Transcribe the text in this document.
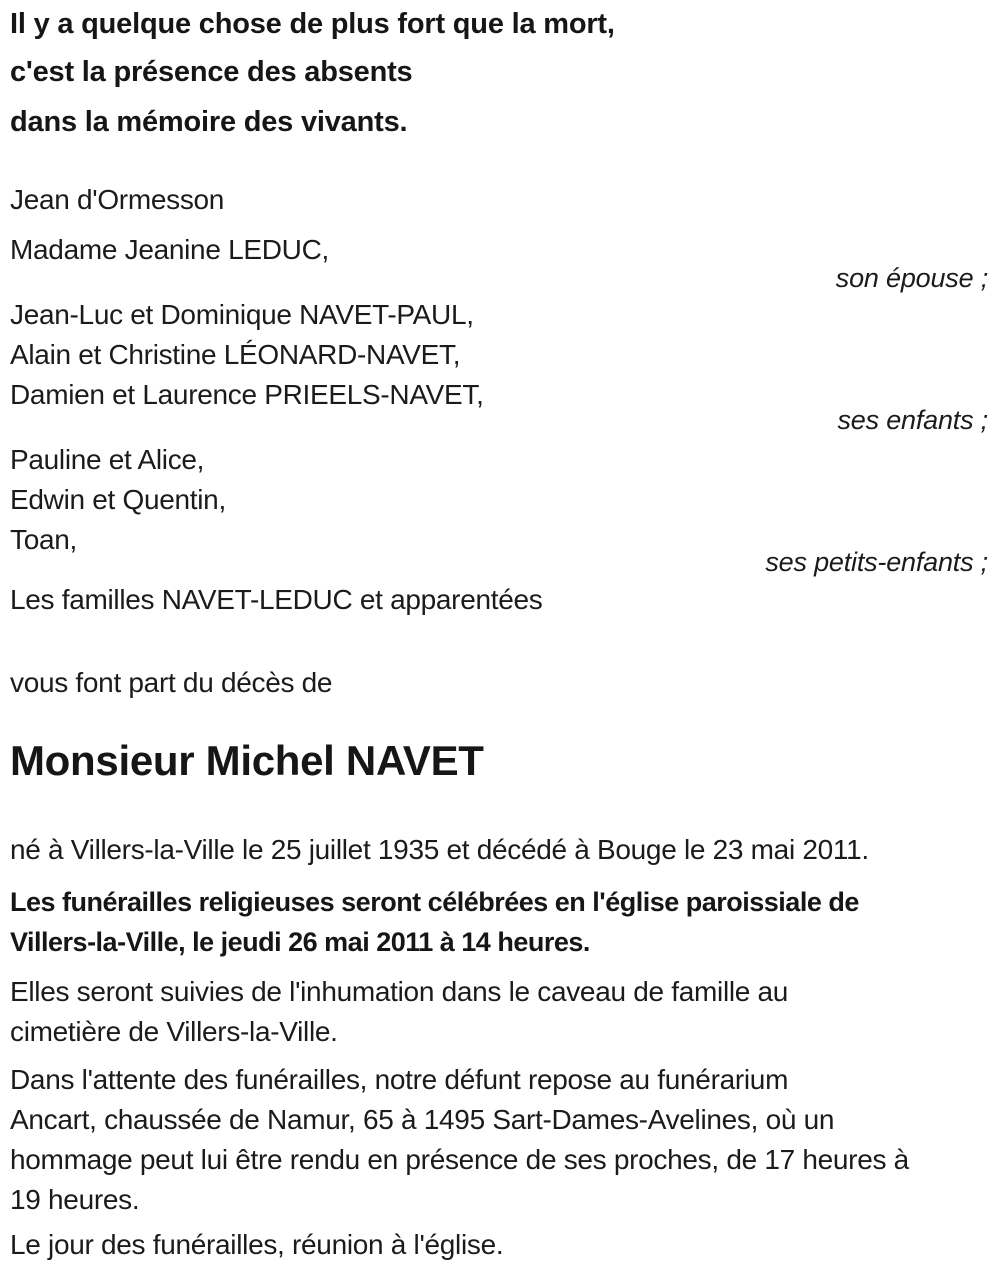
Il y a quelque chose de plus fort que la mort,
c'est la présence des absents
dans la mémoire des vivants.
Jean d'Ormesson
Madame Jeanine LEDUC,
son épouse ;
Jean-Luc et Dominique NAVET-PAUL,
Alain et Christine LÉONARD-NAVET,
Damien et Laurence PRIEELS-NAVET,
ses enfants ;
Pauline et Alice,
Edwin et Quentin,
Toan,
ses petits-enfants ;
Les familles NAVET-LEDUC et apparentées
vous font part du décès de
Monsieur Michel NAVET
né à Villers-la-Ville le 25 juillet 1935 et décédé à Bouge le 23 mai 2011.
Les funérailles religieuses seront célébrées en l'église paroissiale de
Villers-la-Ville, le jeudi 26 mai 2011 à 14 heures.
Elles seront suivies de l'inhumation dans le caveau de famille au
cimetière de Villers-la-Ville.
Dans l'attente des funérailles, notre défunt repose au funérarium
Ancart, chaussée de Namur, 65 à 1495 Sart-Dames-Avelines, où un
hommage peut lui être rendu en présence de ses proches, de 17 heures à
19 heures.
Le jour des funérailles, réunion à l'église.
